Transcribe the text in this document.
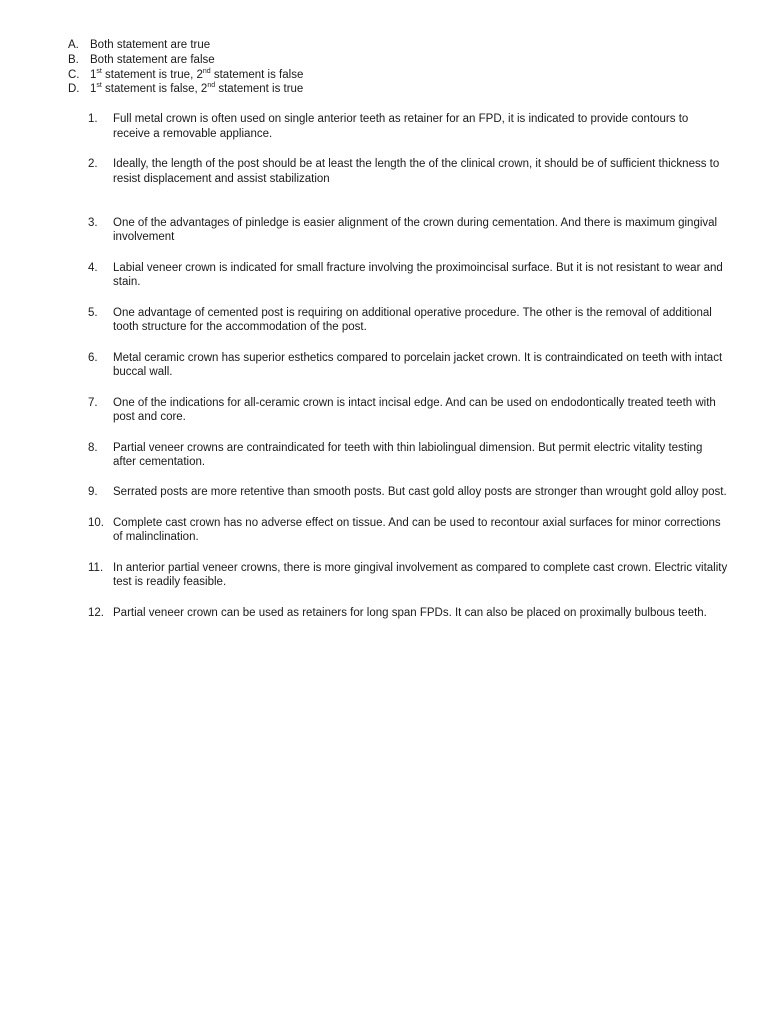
A. Both statement are true
B. Both statement are false
C. 1st statement is true, 2nd statement is false
D. 1st statement is false, 2nd statement is true
1.	Full metal crown is often used on single anterior teeth as retainer for an FPD, it is indicated to provide contours to receive a removable appliance.
2.	Ideally, the length of the post should be at least the length the of the clinical crown, it should be of sufficient thickness to resist displacement and assist stabilization
3.	One of the advantages of pinledge is easier alignment of the crown during cementation. And there is maximum gingival involvement
4.	Labial veneer crown is indicated for small fracture involving the proximoincisal surface. But it is not resistant to wear and stain.
5.	One advantage of cemented post is requiring on additional operative procedure. The other is the removal of additional tooth structure for the accommodation of the post.
6.	Metal ceramic crown has superior esthetics compared to porcelain jacket crown. It is contraindicated on teeth with intact buccal wall.
7.	One of the indications for all-ceramic crown is intact incisal edge. And can be used on endodontically treated teeth with post and core.
8.	Partial veneer crowns are contraindicated for teeth with thin labiolingual dimension. But permit electric vitality testing after cementation.
9.	Serrated posts are more retentive than smooth posts. But cast gold alloy posts are stronger than wrought gold alloy post.
10. Complete cast crown has no adverse effect on tissue. And can be used to recontour axial surfaces for minor corrections of malinclination.
11. In anterior partial veneer crowns, there is more gingival involvement as compared to complete cast crown. Electric vitality test is readily feasible.
12. Partial veneer crown can be used as retainers for long span FPDs. It can also be placed on proximally bulbous teeth.
